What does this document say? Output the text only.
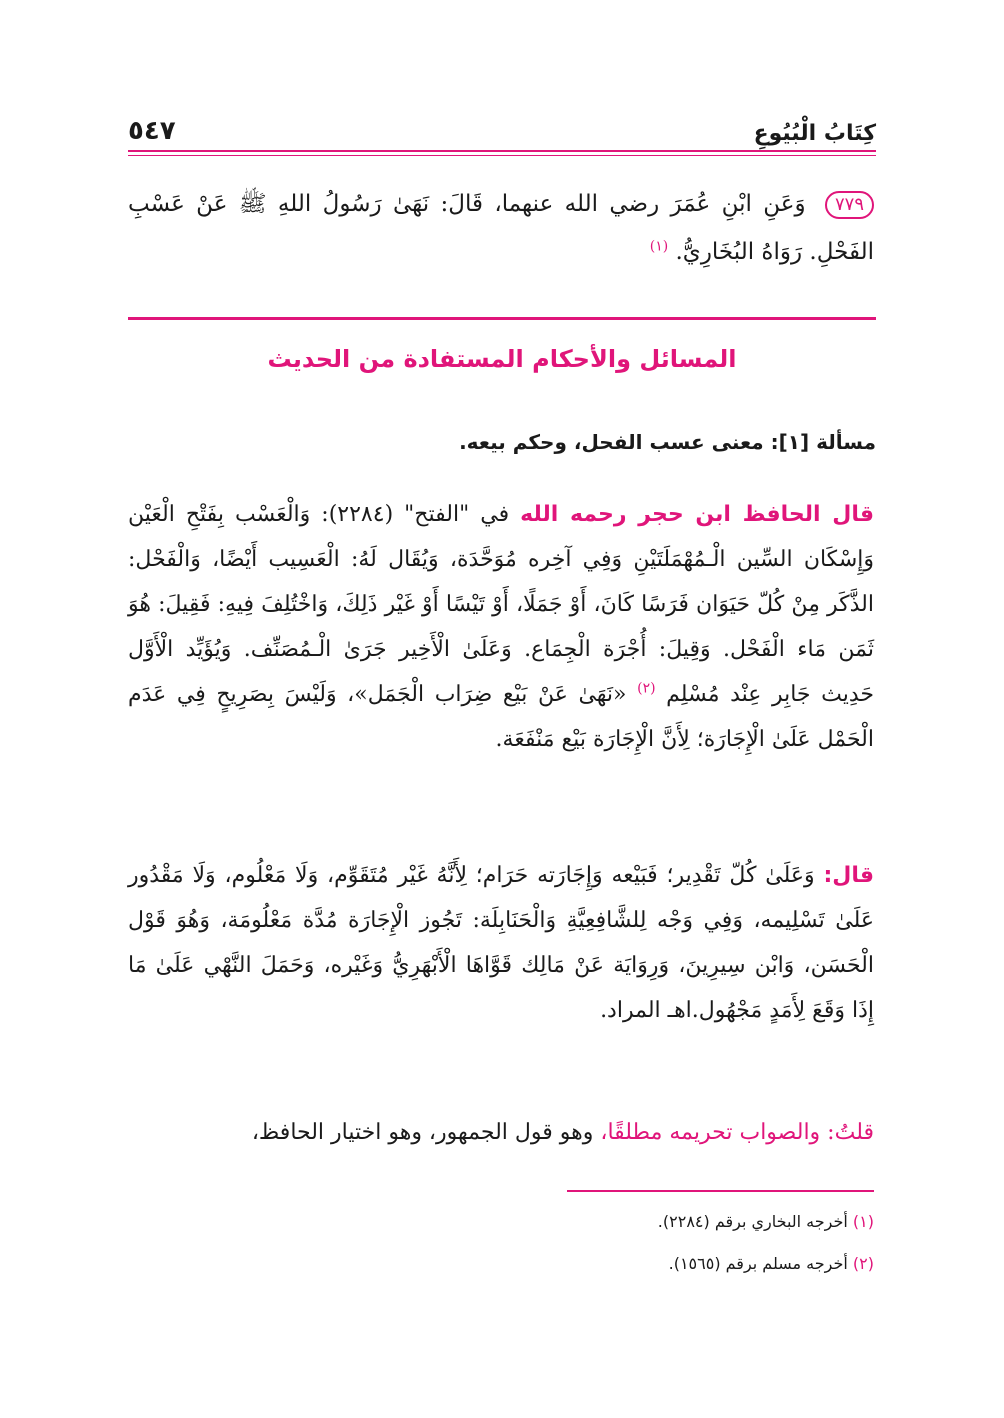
كِتَابُ الْبُيُوعِ
٥٤٧
٧٧٩ وَعَنِ ابْنِ عُمَرَ رضي الله عنهما، قَالَ: نَهَىٰ رَسُولُ اللهِ ﷺ عَنْ عَسْبِ الفَحْلِ. رَوَاهُ البُخَارِيُّ. $^{(١)}$
المسائل والأحكام المستفادة من الحديث
مسألة [١]: معنى عسب الفحل، وحكم بيعه.
قال الحافظ ابن حجر رحمه الله في "الفتح" (٢٢٨٤): وَالْعَسْب بِفَتْحِ الْعَيْن وَإِسْكَان السِّين الْـمُهْمَلَتَيْنِ وَفِي آخِره مُوَحَّدَة، وَيُقَال لَهُ: الْعَسِيب أَيْضًا، وَالْفَحْل: الذَّكَر مِنْ كُلّ حَيَوَان فَرَسًا كَانَ، أَوْ جَمَلًا، أَوْ تَيْسًا أَوْ غَيْر ذَلِكَ، وَاخْتُلِفَ فِيهِ: فَقِيلَ: هُوَ ثَمَن مَاء الْفَحْل. وَقِيلَ: أُجْرَة الْجِمَاع. وَعَلَىٰ الْأَخِير جَرَىٰ الْـمُصَنِّف. وَيُؤَيِّد الْأَوَّل حَدِيث جَابِر عِنْد مُسْلِم $^{(٢)}$ «نَهَىٰ عَنْ بَيْع ضِرَاب الْجَمَل»، وَلَيْسَ بِصَرِيحٍ فِي عَدَم الْحَمْل عَلَىٰ الْإِجَارَة؛ لِأَنَّ الْإِجَارَة بَيْع مَنْفَعَة.
قال: وَعَلَىٰ كُلّ تَقْدِير؛ فَبَيْعه وَإِجَارَته حَرَام؛ لِأَنَّهُ غَيْر مُتَقَوِّم، وَلَا مَعْلُوم، وَلَا مَقْدُور عَلَىٰ تَسْلِيمه، وَفِي وَجْه لِلشَّافِعِيَّةِ وَالْحَنَابِلَة: تَجُوز الْإِجَارَة مُدَّة مَعْلُومَة، وَهُوَ قَوْل الْحَسَن، وَابْن سِيرِينَ، وَرِوَايَة عَنْ مَالِك قَوَّاهَا الْأَبْهَرِيُّ وَغَيْره، وَحَمَلَ النَّهْي عَلَىٰ مَا إِذَا وَقَعَ لِأَمَدٍ مَجْهُول.اهـ المراد.
قلتُ: والصواب تحريمه مطلقًا، وهو قول الجمهور، وهو اختيار الحافظ،
(١) أخرجه البخاري برقم (٢٢٨٤).
(٢) أخرجه مسلم برقم (١٥٦٥).
